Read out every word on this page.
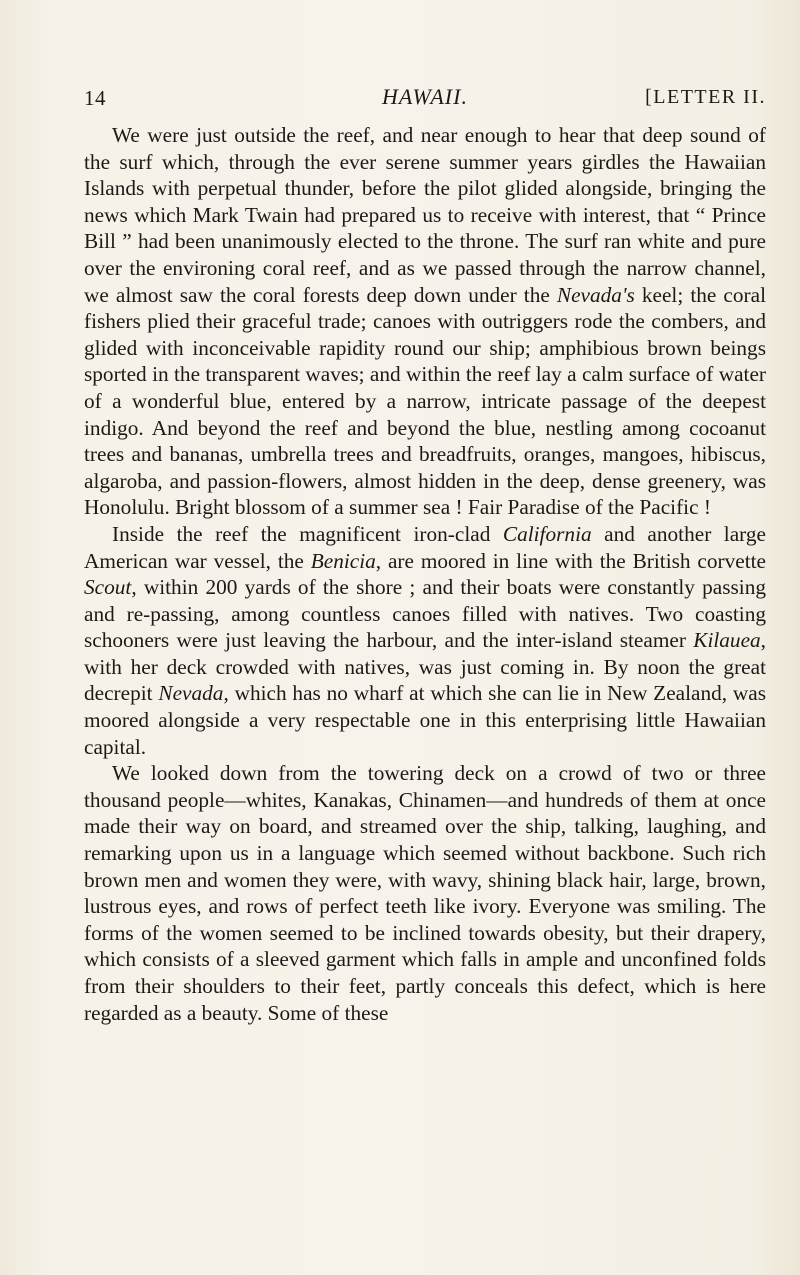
14	HAWAII.	[LETTER II.

We were just outside the reef, and near enough to hear that deep sound of the surf which, through the ever serene summer years girdles the Hawaiian Islands with perpetual thunder, before the pilot glided alongside, bringing the news which Mark Twain had prepared us to receive with interest, that “ Prince Bill ” had been unanimously elected to the throne. The surf ran white and pure over the environing coral reef, and as we passed through the narrow channel, we almost saw the coral forests deep down under the Nevada's keel; the coral fishers plied their graceful trade; canoes with outriggers rode the combers, and glided with inconceivable rapidity round our ship; amphibious brown beings sported in the transparent waves; and within the reef lay a calm surface of water of a wonderful blue, entered by a narrow, intricate passage of the deepest indigo. And beyond the reef and beyond the blue, nestling among cocoanut trees and bananas, umbrella trees and breadfruits, oranges, mangoes, hibiscus, algaroba, and passion-flowers, almost hidden in the deep, dense greenery, was Honolulu. Bright blossom of a summer sea ! Fair Paradise of the Pacific !

Inside the reef the magnificent iron-clad California and another large American war vessel, the Benicia, are moored in line with the British corvette Scout, within 200 yards of the shore ; and their boats were constantly passing and re-passing, among countless canoes filled with natives. Two coasting schooners were just leaving the harbour, and the inter-island steamer Kilauea, with her deck crowded with natives, was just coming in. By noon the great decrepit Nevada, which has no wharf at which she can lie in New Zealand, was moored alongside a very respectable one in this enterprising little Hawaiian capital.

We looked down from the towering deck on a crowd of two or three thousand people—whites, Kanakas, Chinamen—and hundreds of them at once made their way on board, and streamed over the ship, talking, laughing, and remarking upon us in a language which seemed without backbone. Such rich brown men and women they were, with wavy, shining black hair, large, brown, lustrous eyes, and rows of perfect teeth like ivory. Everyone was smiling. The forms of the women seemed to be inclined towards obesity, but their drapery, which consists of a sleeved garment which falls in ample and unconfined folds from their shoulders to their feet, partly conceals this defect, which is here regarded as a beauty. Some of these
